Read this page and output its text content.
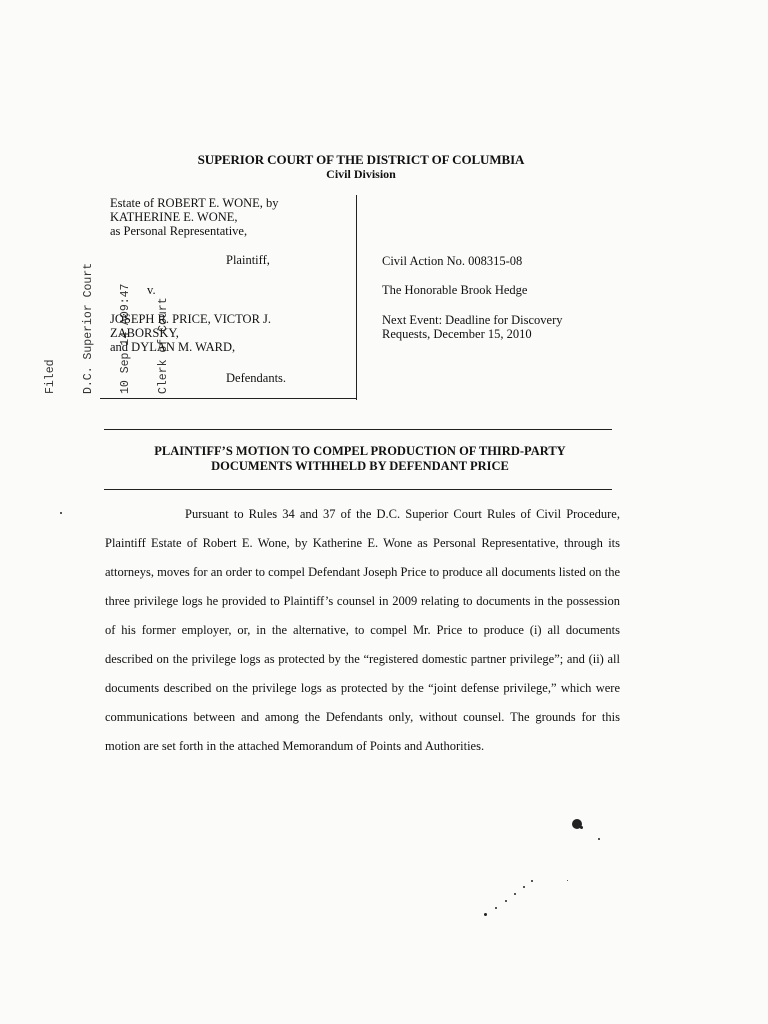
Filed

D.C. Superior Court

10 Sep 14 A09:47

Clerk of Court

SUPERIOR COURT OF THE DISTRICT OF COLUMBIA
Civil Division
Estate of ROBERT E. WONE, by
KATHERINE E. WONE,
as Personal Representative,
Plaintiff,
v.
JOSEPH R. PRICE, VICTOR J.
ZABORSKY,
and DYLAN M. WARD,
Defendants.
Civil Action No. 008315-08
The Honorable Brook Hedge
Next Event: Deadline for Discovery
Requests, December 15, 2010
PLAINTIFF’S MOTION TO COMPEL PRODUCTION OF THIRD-PARTY
DOCUMENTS WITHHELD BY DEFENDANT PRICE

Pursuant to Rules 34 and 37 of the D.C. Superior Court Rules of Civil Procedure, Plaintiff Estate of Robert E. Wone, by Katherine E. Wone as Personal Representative, through its attorneys, moves for an order to compel Defendant Joseph Price to produce all documents listed on the three privilege logs he provided to Plaintiff’s counsel in 2009 relating to documents in the possession of his former employer, or, in the alternative, to compel Mr. Price to produce (i) all documents described on the privilege logs as protected by the “registered domestic partner privilege”; and (ii) all documents described on the privilege logs as protected by the “joint defense privilege,” which were communications between and among the Defendants only, without counsel. The grounds for this motion are set forth in the attached Memorandum of Points and Authorities.
